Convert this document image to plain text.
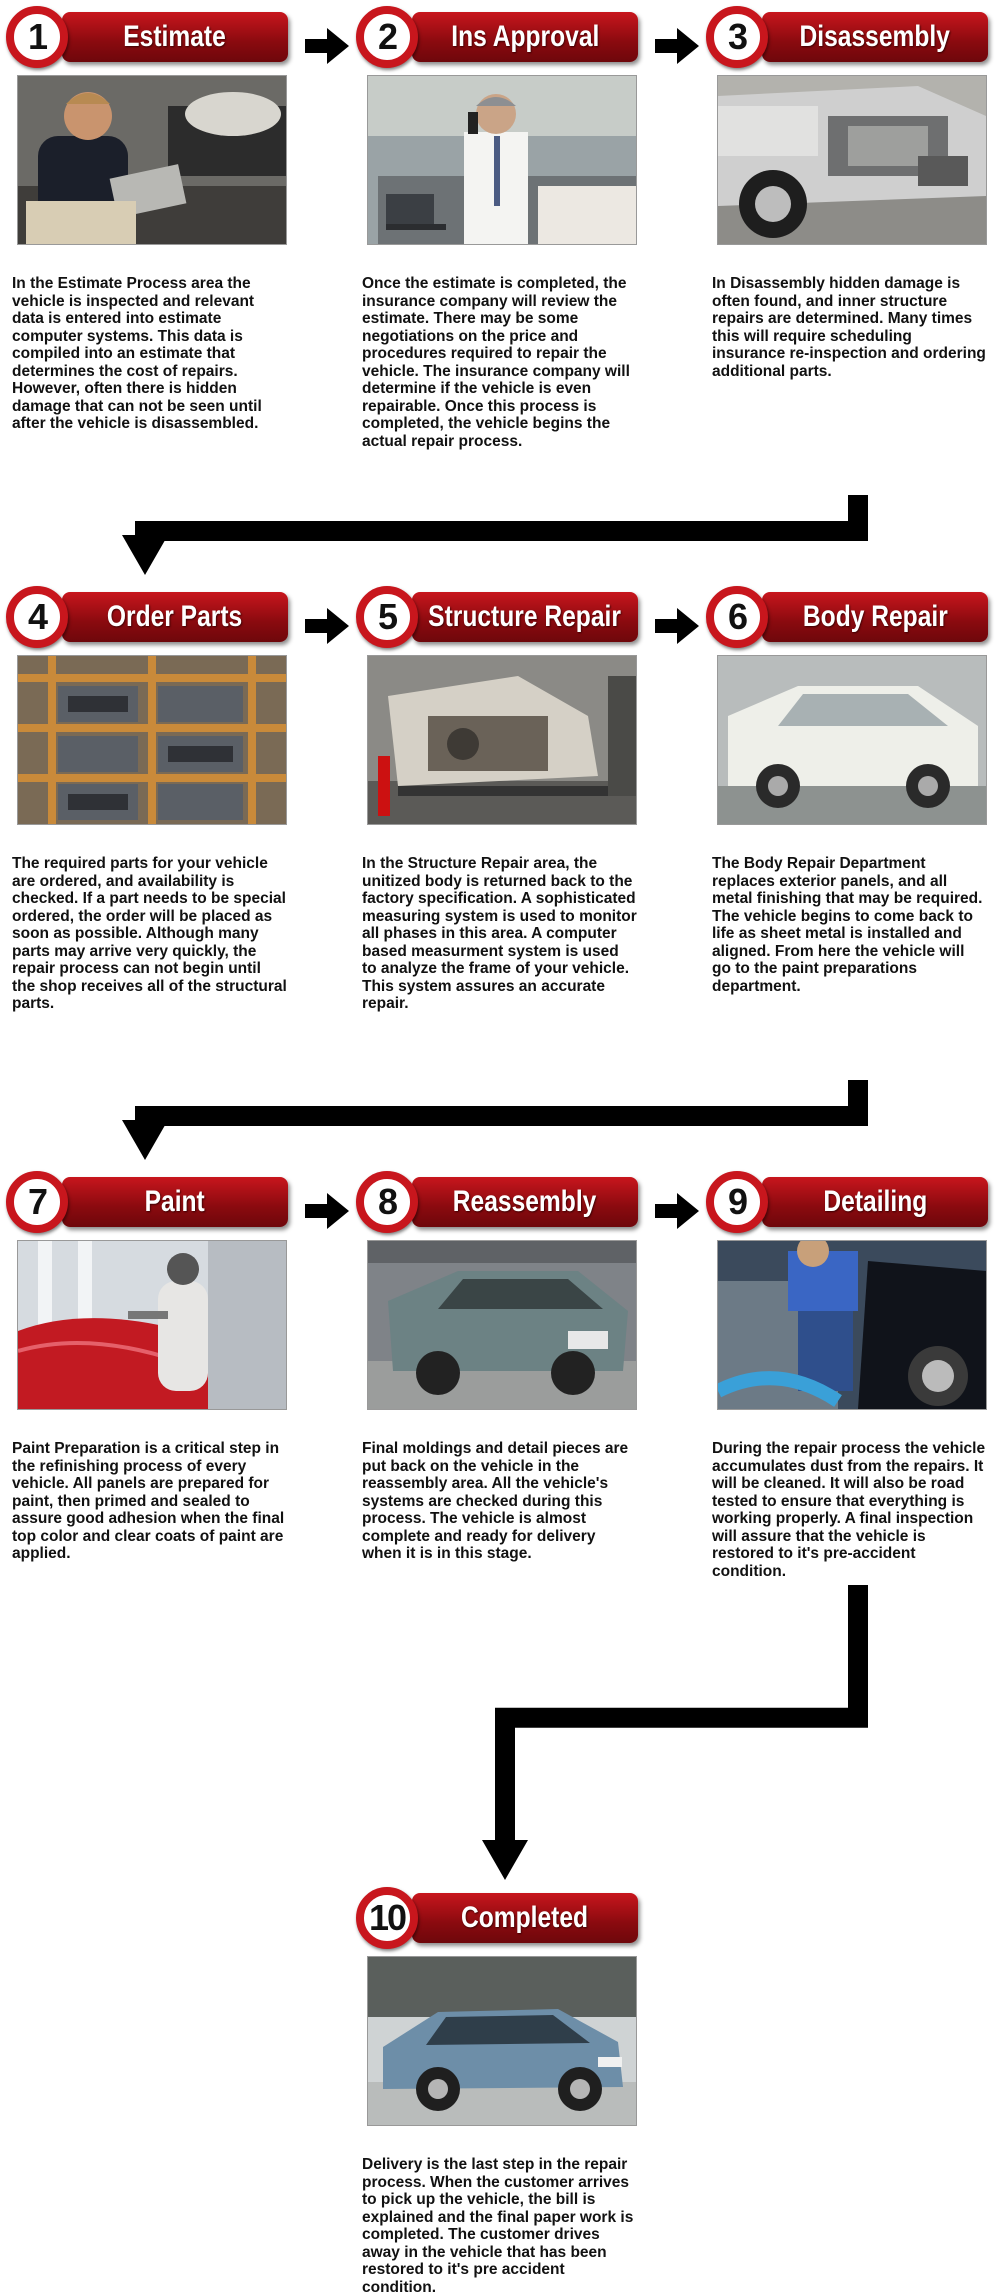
1	Estimate

In the Estimate Process area the vehicle is inspected and relevant data is entered into estimate computer systems. This data is compiled into an estimate that determines the cost of repairs. However, often there is hidden damage that can not be seen until after the vehicle is disassembled.

2 Ins Approval

Once the estimate is completed, the insurance company will review the estimate. There may be some negotiations on the price and procedures required to repair the vehicle. The insurance company will determine if the vehicle is even repairable. Once this process is completed, the vehicle begins the actual repair process.

3 Disassembly

In Disassembly hidden damage is often found, and inner structure repairs are determined. Many times this will require scheduling insurance re-inspection and ordering additional parts.

4 Order Parts

The required parts for your vehicle are ordered, and availability is checked. If a part needs to be special ordered, the order will be placed as soon as possible. Although many parts may arrive very quickly, the repair process can not begin until the shop receives all of the structural parts.

5 Structure Repair

In the Structure Repair area, the unitized body is returned back to the factory specification. A sophisticated measuring system is used to monitor all phases in this area. A computer based measurment system is used to analyze the frame of your vehicle. This system assures an accurate repair.

6 Body Repair

The Body Repair Department replaces exterior panels, and all metal finishing that may be required. The vehicle begins to come back to life as sheet metal is installed and aligned. From here the vehicle will go to the paint preparations department.

7	Paint

Paint Preparation is a critical step in the refinishing process of every vehicle. All panels are prepared for paint, then primed and sealed to assure good adhesion when the final top color and clear coats of paint are applied.

8 Reassembly

Final moldings and detail pieces are put back on the vehicle in the reassembly area. All the vehicle's systems are checked during this process. The vehicle is almost complete and ready for delivery when it is in this stage.

9	Detailing

During the repair process the vehicle accumulates dust from the repairs. It will be cleaned. It will also be road tested to ensure that everything is working properly. A final inspection will assure that the vehicle is restored to it's pre-accident condition.

10 Completed

Delivery is the last step in the repair process. When the customer arrives to pick up the vehicle, the bill is explained and the final paper work is completed. The customer drives away in the vehicle that has been restored to it's pre accident condition.
